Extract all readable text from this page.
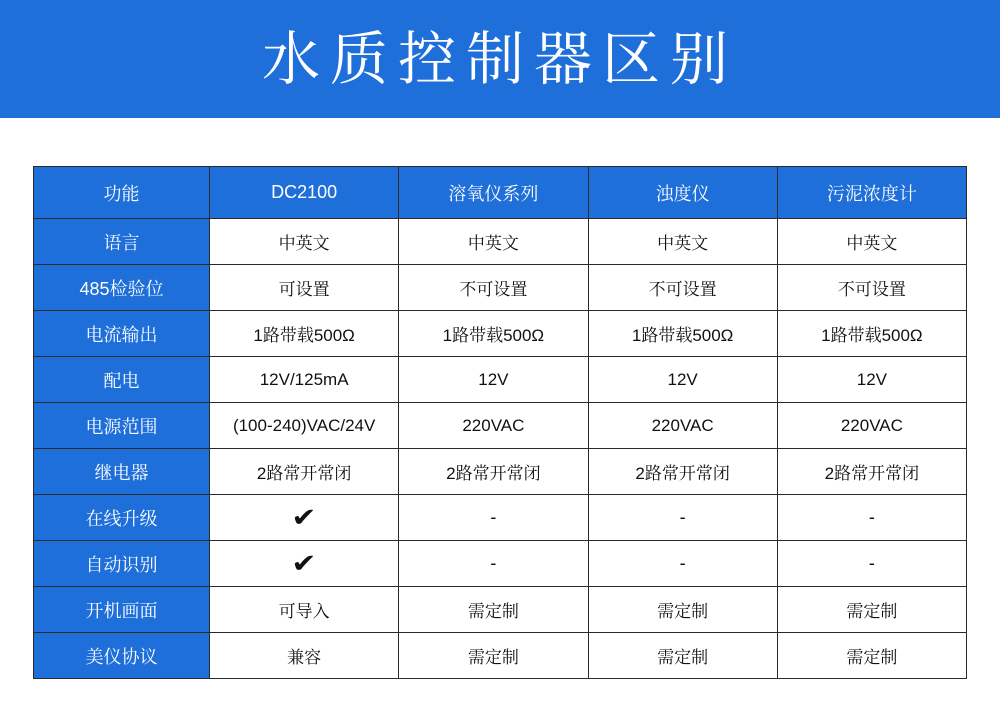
水质控制器区别
功能	DC2100	溶氧仪系列	浊度仪	污泥浓度计
语言	中英文	中英文	中英文	中英文
485检验位	可设置	不可设置	不可设置	不可设置
电流输出	1路带载500Ω	1路带载500Ω	1路带载500Ω	1路带载500Ω
配电	12V/125mA	12V	12V	12V
电源范围	(100-240)VAC/24V	220VAC	220VAC	220VAC
继电器	2路常开常闭	2路常开常闭	2路常开常闭	2路常开常闭
在线升级	✔	-	-	-
自动识别	✔	-	-	-
开机画面	可导入	需定制	需定制	需定制
美仪协议	兼容	需定制	需定制	需定制
